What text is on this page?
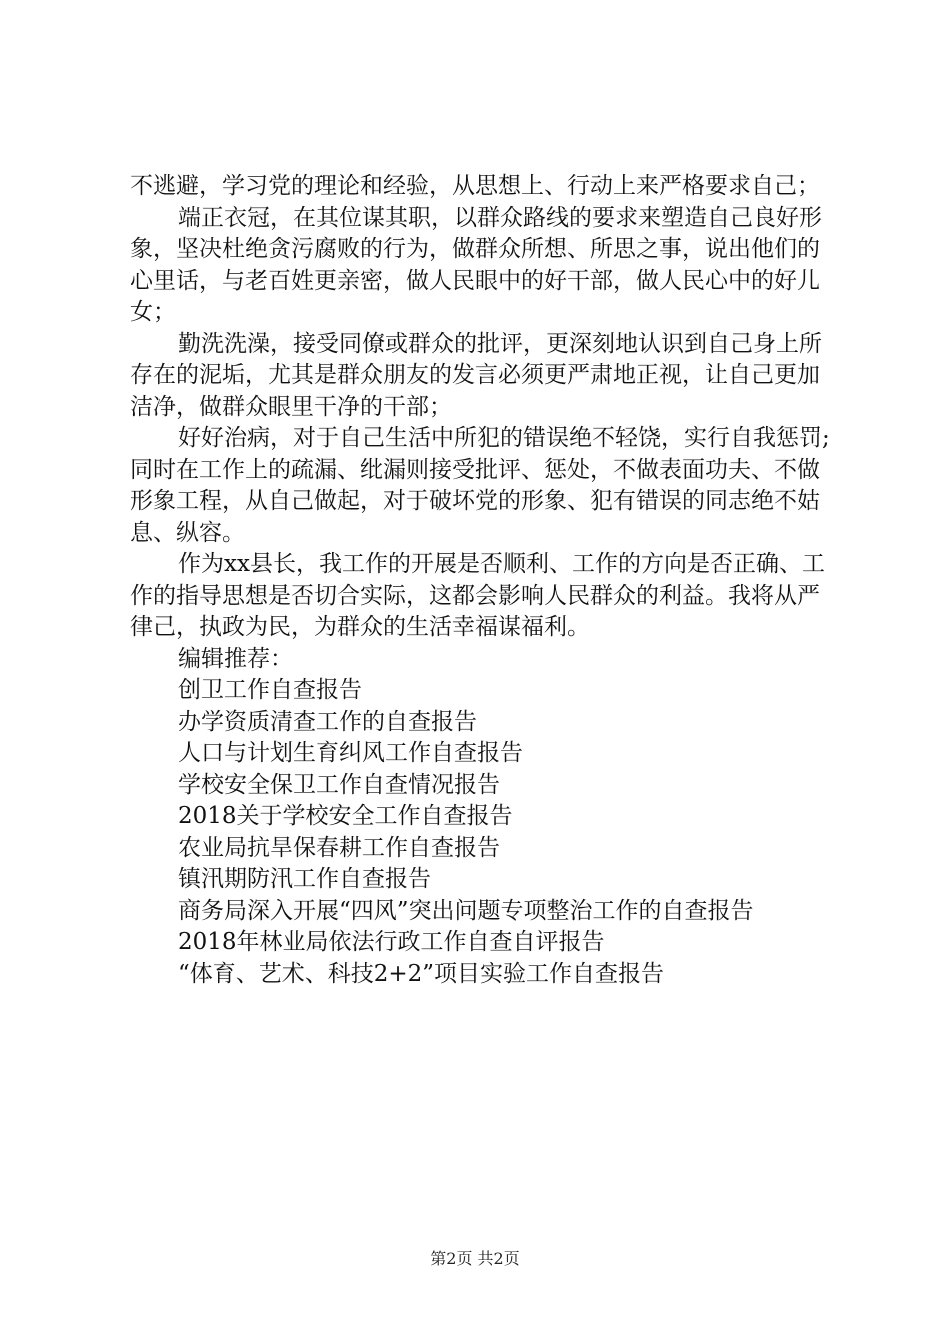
不逃避，学习党的理论和经验，从思想上、行动上来严格要求自己；

端正衣冠，在其位谋其职，以群众路线的要求来塑造自己良好形象，坚决杜绝贪污腐败的行为，做群众所想、所思之事，说出他们的心里话，与老百姓更亲密，做人民眼中的好干部，做人民心中的好儿女；

勤洗洗澡，接受同僚或群众的批评，更深刻地认识到自己身上所存在的泥垢，尤其是群众朋友的发言必须更严肃地正视，让自己更加洁净，做群众眼里干净的干部；

好好治病，对于自己生活中所犯的错误绝不轻饶，实行自我惩罚;同时在工作上的疏漏、纰漏则接受批评、惩处，不做表面功夫、不做形象工程，从自己做起，对于破坏党的形象、犯有错误的同志绝不姑息、纵容。

作为xx县长，我工作的开展是否顺利、工作的方向是否正确、工作的指导思想是否切合实际，这都会影响人民群众的利益。我将从严律己，执政为民，为群众的生活幸福谋福利。

编辑推荐：

创卫工作自查报告
办学资质清查工作的自查报告
人口与计划生育纠风工作自查报告
学校安全保卫工作自查情况报告
2018关于学校安全工作自查报告
农业局抗旱保春耕工作自查报告
镇汛期防汛工作自查报告
商务局深入开展“四风”突出问题专项整治工作的自查报告
2018年林业局依法行政工作自查自评报告
“体育、艺术、科技2+2”项目实验工作自查报告
第2页 共2页
